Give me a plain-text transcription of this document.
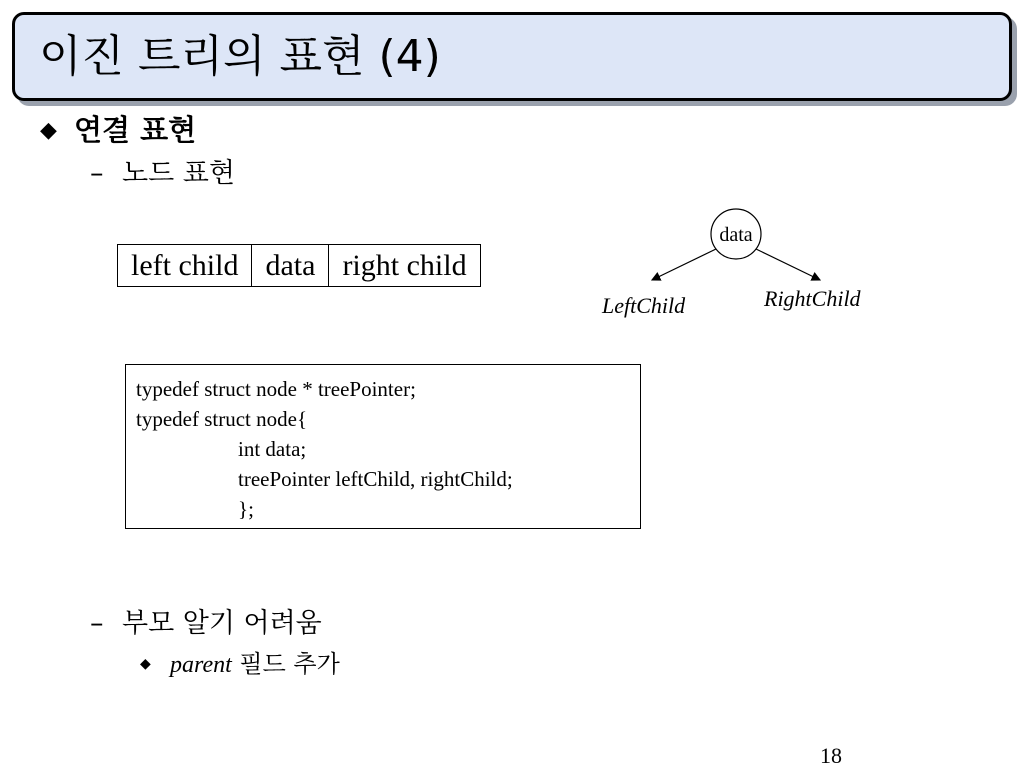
이진 트리의 표현 (4)
◆ 연결 표현
– 노드 표현
left child	data	right child
data
LeftChild	RightChild
typedef struct node * treePointer;
typedef struct node{
int data;
treePointer leftChild, rightChild;
};
– 부모 알기 어려움
◆ parent 필드 추가
18
